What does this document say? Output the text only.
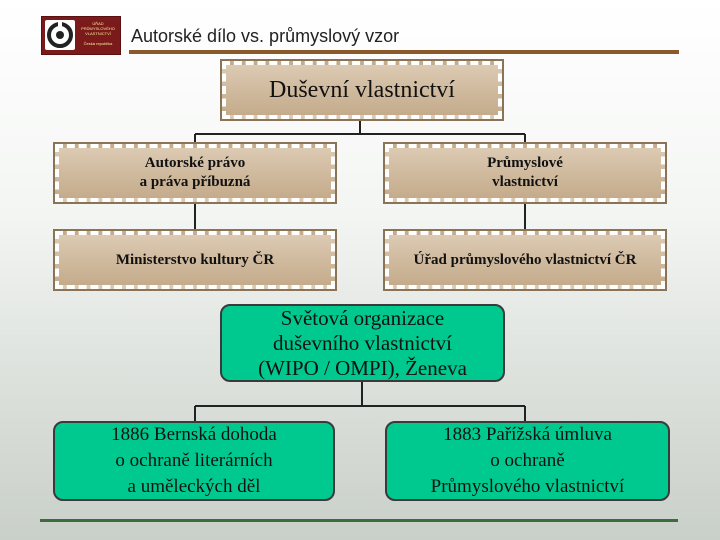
ÚŘAD
PRŮMYSLOVÉHO
VLASTNICTVÍ

Česká republika	Autorské dílo vs. průmyslový vzor
Duševní vlastnictví
Autorské právo
a práva příbuzná
Průmyslové
vlastnictví
Ministerstvo kultury ČR	Úřad průmyslového vlastnictví ČR
Světová organizace
duševního vlastnictví
(WIPO / OMPI), Ženeva
1886 Bernská dohoda
o ochraně literárních
a uměleckých děl
1883 Pařížská úmluva
o ochraně
Průmyslového vlastnictví
